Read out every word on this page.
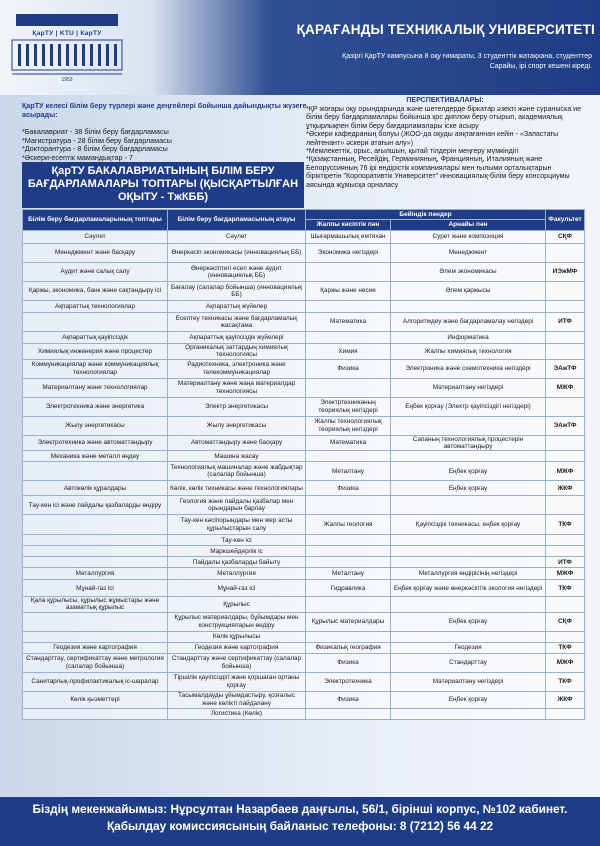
ҚарТУ | KTU | КарТУ
1953
ҚАРАҒАНДЫ ТЕХНИКАЛЫҚ УНИВЕРСИТЕТІ
Қазіргі ҚарТУ кампусына 8 оқу ғимараты, 3 студенттік жатақхана, студенттер Сарайы, ірі спорт кешені кіреді.
ҚарТУ келесі білім беру түрлері және деңгейлері бойынша дайындықты жүзеге асырады:
*Бакалавриат - 38 білім беру бағдарламасы
*Магистратура - 28 білім беру бағдарламасы
*Докторантура - 8 білім беру бағдарламасы
*Әскери-есептік мамандықтар - 7
ПЕРСПЕКТИВАЛАРЫ:

*ҚР жоғары оқу орындарында және шетелдерде біркатар әзекті және сураныска ие білім беру бағдарламалары бойынша қос диплом беру отырып, академиялық ұтқырлықпен білім беру бағдарламалары іске асыру

*Әскери кафедраның болуы (ЖОО-да оқуды аяқтағаннан кейін - «Запастағы лейтенант» әскери атағын алу»)

*Мемлекеттік, орыс, ағылшын, қытай тілдерін меңгеру мүмкіндігі

*Қазақстанның, Ресейдің, Германияның, Францияның, Италияның және Белоруссияның 76 ірі өндірістік компаниялары мен ғылыми орталықтарын біріктіретін "Корпоративтік Университет" инновациялық-білім беру консорциумы аясында жұмысқа орналасу

ҚарТУ БАКАЛАВРИАТЫНЫҢ БІЛІМ БЕРУ БАҒДАРЛАМАЛАРЫ ТОПТАРЫ (ҚЫСҚАРТЫЛҒАН ОҚЫТУ - ТжКББ)
Білім беру бағдарламаларының топтары	Білім беру бағдарламасының атауы	Бейіндік пәндер		Факультет
		Жалпы кәсіптік пән	Арнайы пән	
Сәулет	Сәулет	Шығармашылық емтихан	Сурет және композиция	СҚФ
Менеджмент және басқару	Өнеркәсіп экономикасы (инновациялық ББ)	Экономика негіздері	Менеджмент	
Аудит және салық салу	Өнеркәсіптегі есеп және аудит (инновациялық ББ)		Әлем экономикасы	ИЭжМФ
Қаржы, экономика, банк және сақтандыру ісі	Бағалау (салалар бойынша) (инновациялық ББ)	Қаржы және несие	Әлем қаржысы	
Ақпараттық технологиялар	Ақпараттық жүйелер			
	Есептеу техникасы және бағдарламалық жасақтама	Математика	Алгоритмдеу және бағдарламалау негіздері	ИТФ
Ақпараттық қауіпсіздік	Ақпараттық қауіпсіздік жүйелері		Информатика	
Химиялық инженерия және процестер	Органикалық заттардың химиялық технологиясы	Химия	Жалпы химиялық технология	
Коммуникациялар және коммуникациялық технологиялар	Радиотехника, электроника және телекоммуникациялар	Физика	Электроника және схемотехника негіздері	ЭАжТФ
Материалтану және технологиялар	Материалтану және жаңа материалдар технологиясы		Материалтану негіздері	МЖФ
Электротехника және энергетика	Электр энергетикасы	Электртехниканың теориялық негіздері	Еңбек қорғау (Электр қауіпсіздігі негіздері)	
Жылу энергетикасы	Жылу энергетикасы	Жалпы технологиялық теориялық негіздері		ЭАжТФ
Электротехника және автоматтандыру	Автоматтандыру және басқару	Математика	Сапаның технологиялық процестерін автоматтандыру	
Механика және металл өңдеу	Машина жасау			
	Технологиялық машиналар және жабдықтар (салалар бойынша)	Металтану	Еңбек қорғау	МЖФ
Автокөлік құралдары	Көлік, көлік техникасы және технологиялары	Физика	Еңбек қорғау	ЖКФ
Тау-кен ісі және пайдалы қазбаларды өндіру	Геология және пайдалы қазбалар мен орындарын барлау			
	Тау-кен кәсіпорындары мен жер асты құрылыстарын салу	Жалпы геология	Қауіпсіздік техникасы, еңбек қорғау	ТКФ
	Тау-кен ісі			
	Маркшейдерлік іс			
	Пайдалы қазбаларды байыту			ИТФ
Металлургия	Металлургия	Металтану	Металлургия өндірісінің негіздері	МЖФ
Мұнай-газ ісі	Мұнай-газ ісі	Гидравлика	Еңбек қорғау және өнеркәсіптік экология негіздері	ТКФ
Қала құрылысы, құрылыс жұмыстары және азаматтық құрылыс	Құрылыс			
	Құрылыс материалдары, бұйымдары мен конструкцияларын өндіру	Құрылыс материалдары	Еңбек қорғау	СҚФ
	Көлік құрылысы			
Геодезия және картография	Геодезия және картография	Физикалық география	Геодезия	ТКФ
Стандарттау, сертификаттау және метрология (салалар бойынша)	Стандарттау және сертификаттау (салалар бойынша)	Физика	Стандарттау	МЖФ
Санитарлық-профилактикалық іс-шаралар	Тіршілік қауіпсіздігі және қоршаған ортаны қорғау	Электротехника	Материалтану негіздері	ТКФ
Көлік қызметтері	Тасымалдауды ұйымдастыру, қозғалыс және көлікті пайдалану	Физика	Еңбек қорғау	ЖКФ
	Логистика (Көлік)			
Біздің мекенжайымыз: Нұрсұлтан Назарбаев даңғылы, 56/1, бірінші корпус, №102 кабинет.
Қабылдау комиссиясының байланыс телефоны: 8 (7212) 56 44 22
